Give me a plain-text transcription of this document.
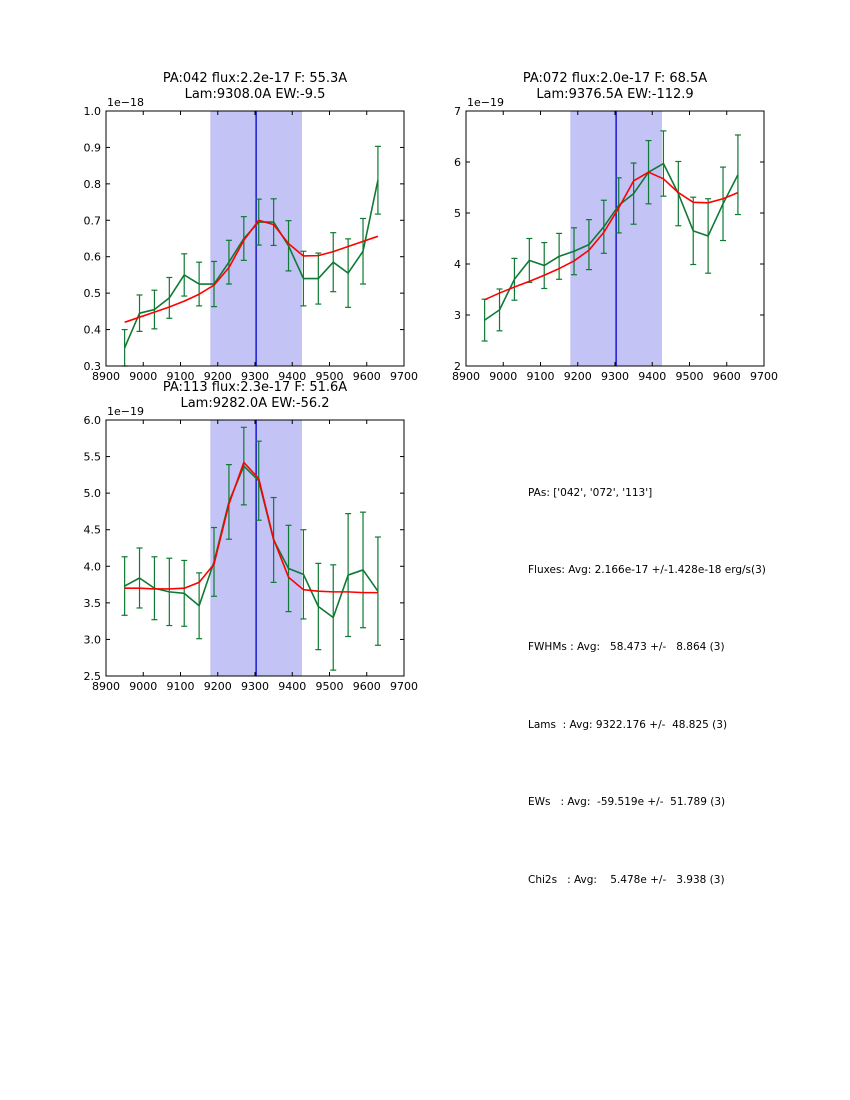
8900 9000 9100 9200 9300 9400 9500 9600 9700
0.3
0.4
0.5
0.6
0.7
0.8
0.9
1.0
1e−18
PA:042 flux:2.2e-17 F: 55.3A
Lam:9308.0A EW:-9.5
8900 9000 9100 9200 9300 9400 9500 9600 9700
2
3
4
5
6
7
1e−19
PA:072 flux:2.0e-17 F: 68.5A
Lam:9376.5A EW:-112.9
8900 9000 9100 9200 9300 9400 9500 9600 9700
2.5
3.0
3.5
4.0
4.5
5.0
5.5
6.0
1e−19
PA:113 flux:2.3e-17 F: 51.6A
Lam:9282.0A EW:-56.2

PAs: ['042', '072', '113']

Fluxes: Avg: 2.166e-17 +/-1.428e-18 erg/s(3)

FWHMs : Avg:   58.473 +/-   8.864 (3)

Lams  : Avg: 9322.176 +/-  48.825 (3)

EWs   : Avg:  -59.519e +/-  51.789 (3)

Chi2s   : Avg:    5.478e +/-   3.938 (3)
